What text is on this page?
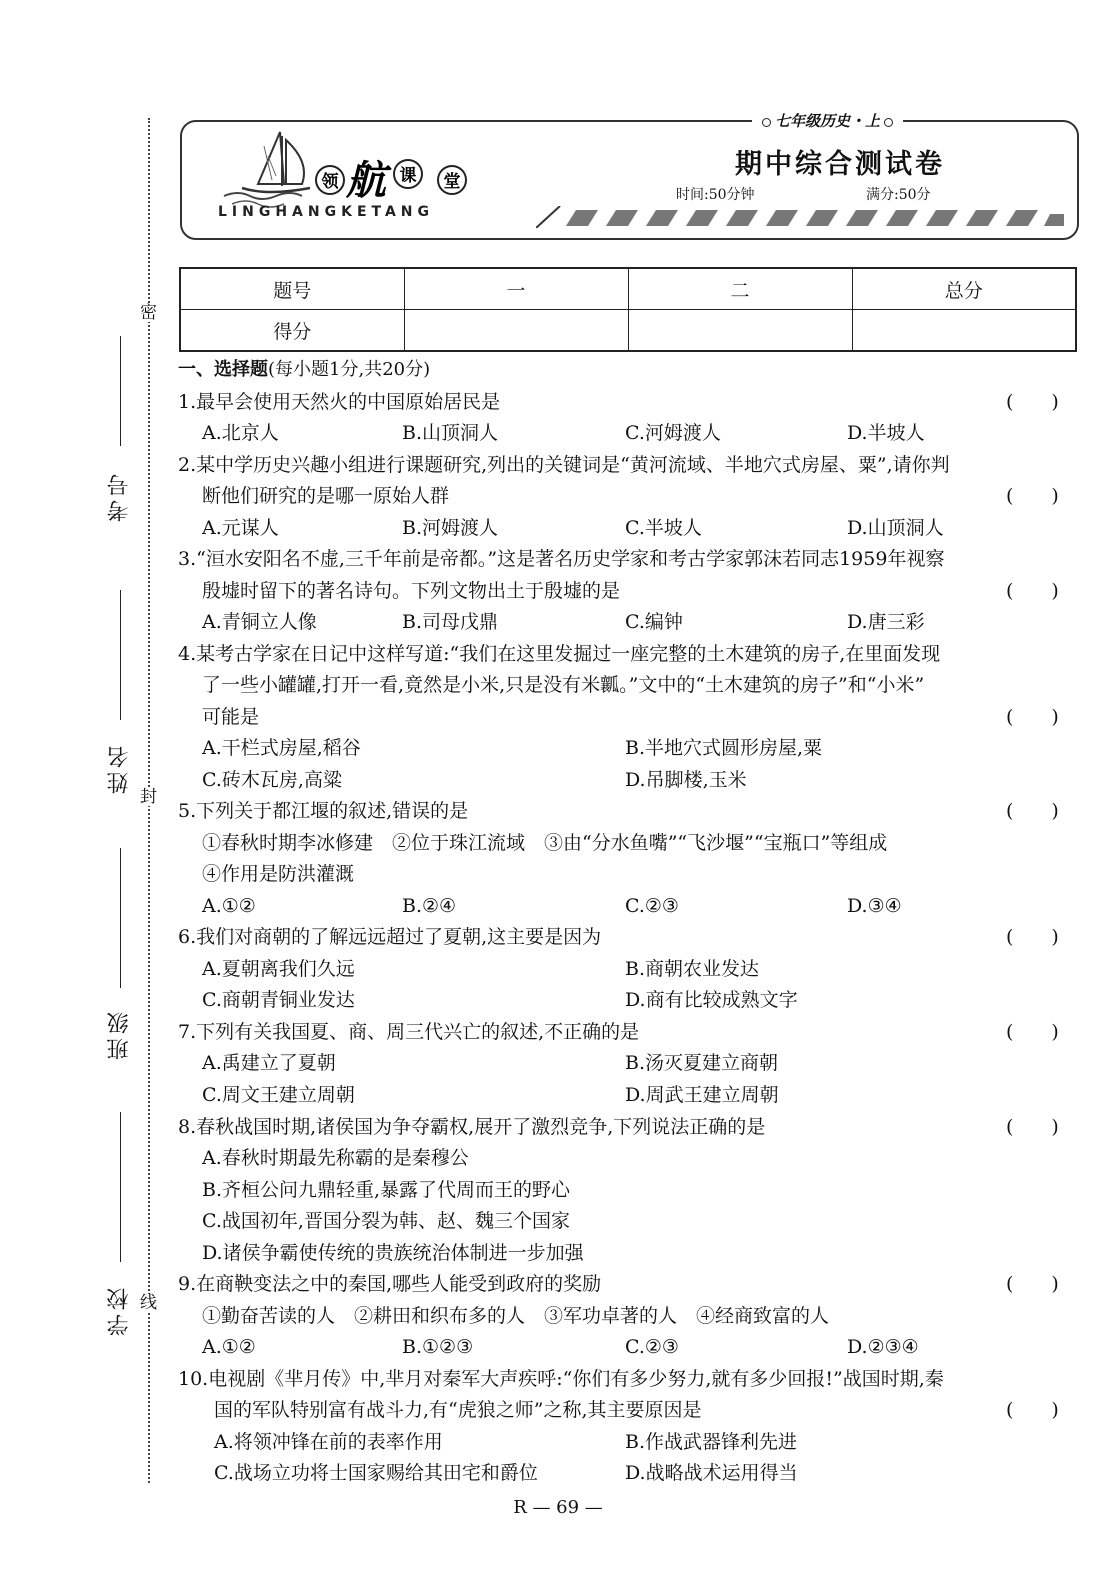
密
封
线
考号
姓名
班级
学校
领 航 课 堂
LINGHANGKETANG
七年级历史・上
期中综合测试卷
时间:50分钟	满分:50分
题号	一	二	总分
得分			
一、选择题(每小题1分,共20分)
1.最早会使用天然火的中国原始居民是	(　　)
A.北京人	B.山顶洞人	C.河姆渡人	D.半坡人
2.某中学历史兴趣小组进行课题研究,列出的关键词是“黄河流域、半地穴式房屋、粟”,请你判
断他们研究的是哪一原始人群	(　　)
A.元谋人	B.河姆渡人	C.半坡人	D.山顶洞人
3.“洹水安阳名不虚,三千年前是帝都。”这是著名历史学家和考古学家郭沫若同志1959年视察
殷墟时留下的著名诗句。下列文物出土于殷墟的是	(　　)
A.青铜立人像	B.司母戊鼎	C.编钟	D.唐三彩
4.某考古学家在日记中这样写道:“我们在这里发掘过一座完整的土木建筑的房子,在里面发现
了一些小罐罐,打开一看,竟然是小米,只是没有米瓤。”文中的“土木建筑的房子”和“小米”
可能是	(　　)
A.干栏式房屋,稻谷	B.半地穴式圆形房屋,粟
C.砖木瓦房,高粱	D.吊脚楼,玉米
5.下列关于都江堰的叙述,错误的是	(　　)
①春秋时期李冰修建　②位于珠江流域　③由“分水鱼嘴”“飞沙堰”“宝瓶口”等组成
④作用是防洪灌溉
A.①②	B.②④	C.②③	D.③④
6.我们对商朝的了解远远超过了夏朝,这主要是因为	(　　)
A.夏朝离我们久远	B.商朝农业发达
C.商朝青铜业发达	D.商有比较成熟文字
7.下列有关我国夏、商、周三代兴亡的叙述,不正确的是	(　　)
A.禹建立了夏朝	B.汤灭夏建立商朝
C.周文王建立周朝	D.周武王建立周朝
8.春秋战国时期,诸侯国为争夺霸权,展开了激烈竞争,下列说法正确的是	(　　)
A.春秋时期最先称霸的是秦穆公
B.齐桓公问九鼎轻重,暴露了代周而王的野心
C.战国初年,晋国分裂为韩、赵、魏三个国家
D.诸侯争霸使传统的贵族统治体制进一步加强
9.在商鞅变法之中的秦国,哪些人能受到政府的奖励	(　　)
①勤奋苦读的人　②耕田和织布多的人　③军功卓著的人　④经商致富的人
A.①②	B.①②③	C.②③	D.②③④
10.电视剧《芈月传》中,芈月对秦军大声疾呼:“你们有多少努力,就有多少回报!”战国时期,秦
国的军队特别富有战斗力,有“虎狼之师”之称,其主要原因是	(　　)
A.将领冲锋在前的表率作用	B.作战武器锋利先进
C.战场立功将士国家赐给其田宅和爵位	D.战略战术运用得当
R — 69 —
